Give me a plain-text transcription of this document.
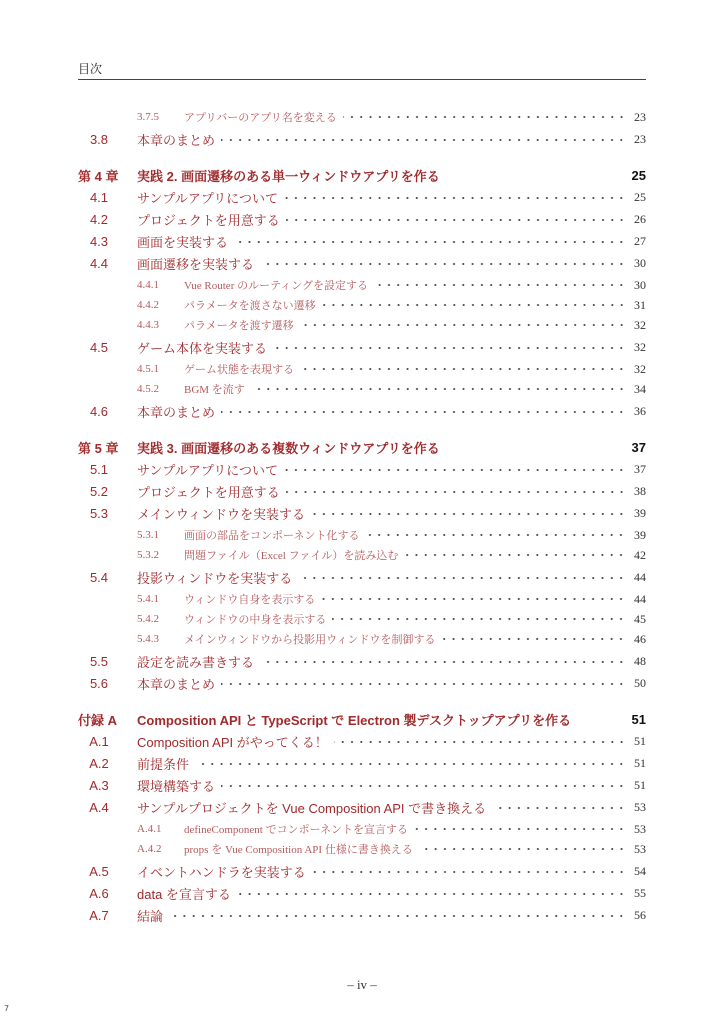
目次
3.7.5	アプリバーのアプリ名を変える	23
3.8	本章のまとめ	23
第 4 章	実践 2. 画面遷移のある単一ウィンドウアプリを作る	25
4.1	サンプルアプリについて	25
4.2	プロジェクトを用意する	26
4.3	画面を実装する	27
4.4	画面遷移を実装する	30
4.4.1	Vue Router のルーティングを設定する	30
4.4.2	パラメータを渡さない遷移	31
4.4.3	パラメータを渡す遷移	32
4.5	ゲーム本体を実装する	32
4.5.1	ゲーム状態を表現する	32
4.5.2	BGM を流す	34
4.6	本章のまとめ	36
第 5 章	実践 3. 画面遷移のある複数ウィンドウアプリを作る	37
5.1	サンプルアプリについて	37
5.2	プロジェクトを用意する	38
5.3	メインウィンドウを実装する	39
5.3.1	画面の部品をコンポーネント化する	39
5.3.2	問題ファイル（Excel ファイル）を読み込む	42
5.4	投影ウィンドウを実装する	44
5.4.1	ウィンドウ自身を表示する	44
5.4.2	ウィンドウの中身を表示する	45
5.4.3	メインウィンドウから投影用ウィンドウを制御する	46
5.5	設定を読み書きする	48
5.6	本章のまとめ	50
付録 A	Composition API と TypeScript で Electron 製デスクトップアプリを作る	51
A.1	Composition API がやってくる！	51
A.2	前提条件	51
A.3	環境構築する	51
A.4	サンプルプロジェクトを Vue Composition API で書き換える	53
A.4.1	defineComponent でコンポーネントを宣言する	53
A.4.2	props を Vue Composition API 仕様に書き換える	53
A.5	イベントハンドラを実装する	54
A.6	data を宣言する	55
A.7	結論	56
– iv –
7
